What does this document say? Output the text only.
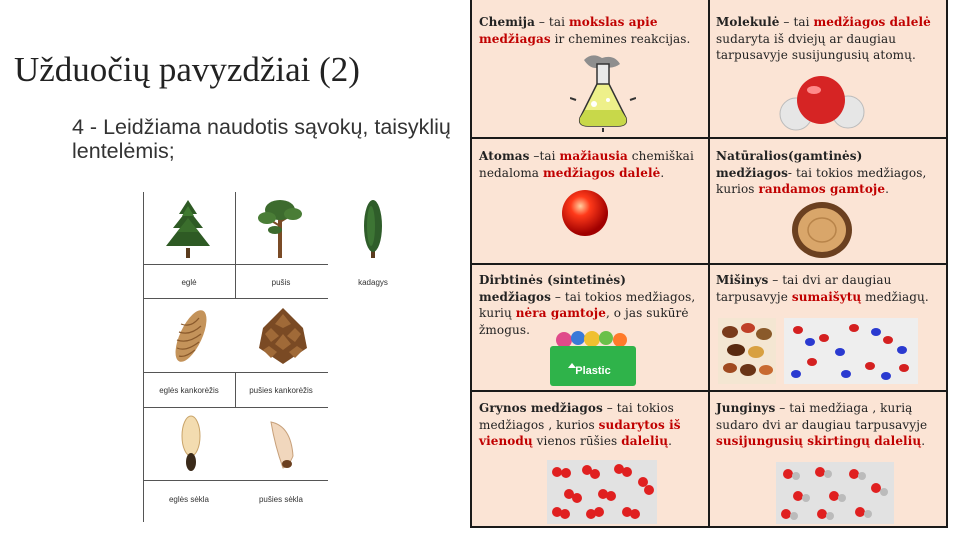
Užduočių pavyzdžiai (2)
4 - Leidžiama naudotis sąvokų, taisyklių lentelėmis;
eglė	pušis	kadagys
eglės kankorėžis	pušies kankorėžis
eglės sėkla	pušies sėkla
Chemija – tai mokslas apie medžiagas ir chemines reakcijas.
Molekulė – tai medžiagos dalelė sudaryta iš dviejų ar daugiau tarpusavyje susijungusių atomų.
Atomas –tai mažiausia chemiškai nedaloma medžiagos dalelė.
Natūralios(gamtinės) medžiagos- tai tokios medžiagos, kurios randamos gamtoje.
Dirbtinės (sintetinės) medžiagos – tai tokios medžiagos, kurių nėra gamtoje, o jas sukūrė žmogus.
Plastic
Mišinys – tai dvi ar daugiau tarpusavyje sumaišytų medžiagų.
Grynos medžiagos – tai tokios medžiagos , kurios sudarytos iš vienodų vienos rūšies dalelių.
Junginys – tai medžiaga , kurią sudaro dvi ar daugiau tarpusavyje susijungusių skirtingų dalelių.
